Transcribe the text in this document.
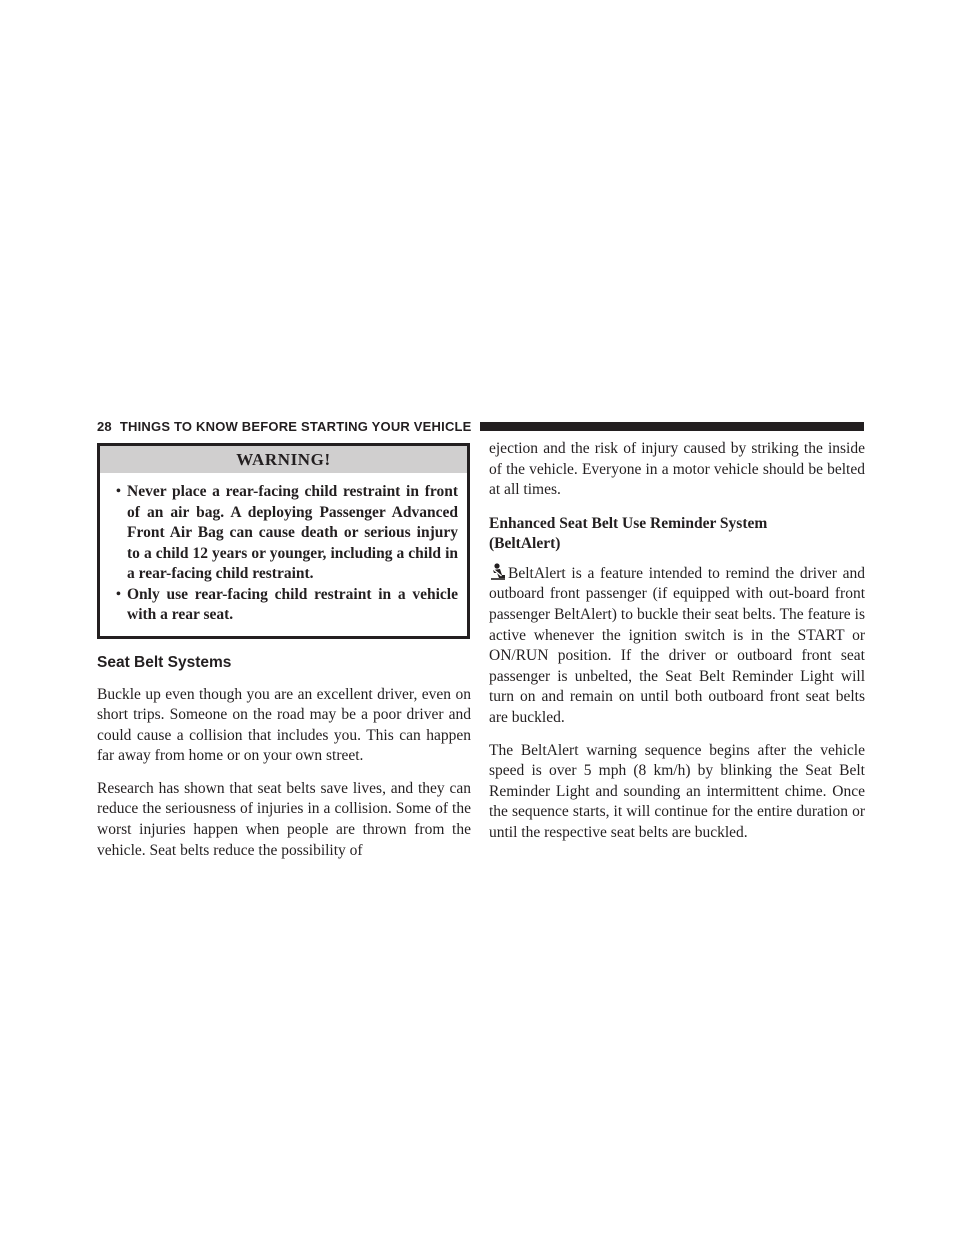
28 THINGS TO KNOW BEFORE STARTING YOUR VEHICLE
WARNING!
• Never place a rear-facing child restraint in front of an air bag. A deploying Passenger Advanced Front Air Bag can cause death or serious injury to a child 12 years or younger, including a child in a rear-facing child restraint.
• Only use rear-facing child restraint in a vehicle with a rear seat.
Seat Belt Systems

Buckle up even though you are an excellent driver, even on short trips. Someone on the road may be a poor driver and could cause a collision that includes you. This can happen far away from home or on your own street.

Research has shown that seat belts save lives, and they can reduce the seriousness of injuries in a collision. Some of the worst injuries happen when people are thrown from the vehicle. Seat belts reduce the possibility of

ejection and the risk of injury caused by striking the inside of the vehicle. Everyone in a motor vehicle should be belted at all times.

Enhanced Seat Belt Use Reminder System
(BeltAlert)

BeltAlert is a feature intended to remind the driver and outboard front passenger (if equipped with out-board front passenger BeltAlert) to buckle their seat belts. The feature is active whenever the ignition switch is in the START or ON/RUN position. If the driver or outboard front seat passenger is unbelted, the Seat Belt Reminder Light will turn on and remain on until both outboard front seat belts are buckled.

The BeltAlert warning sequence begins after the vehicle speed is over 5 mph (8 km/h) by blinking the Seat Belt Reminder Light and sounding an intermittent chime. Once the sequence starts, it will continue for the entire duration or until the respective seat belts are buckled.
